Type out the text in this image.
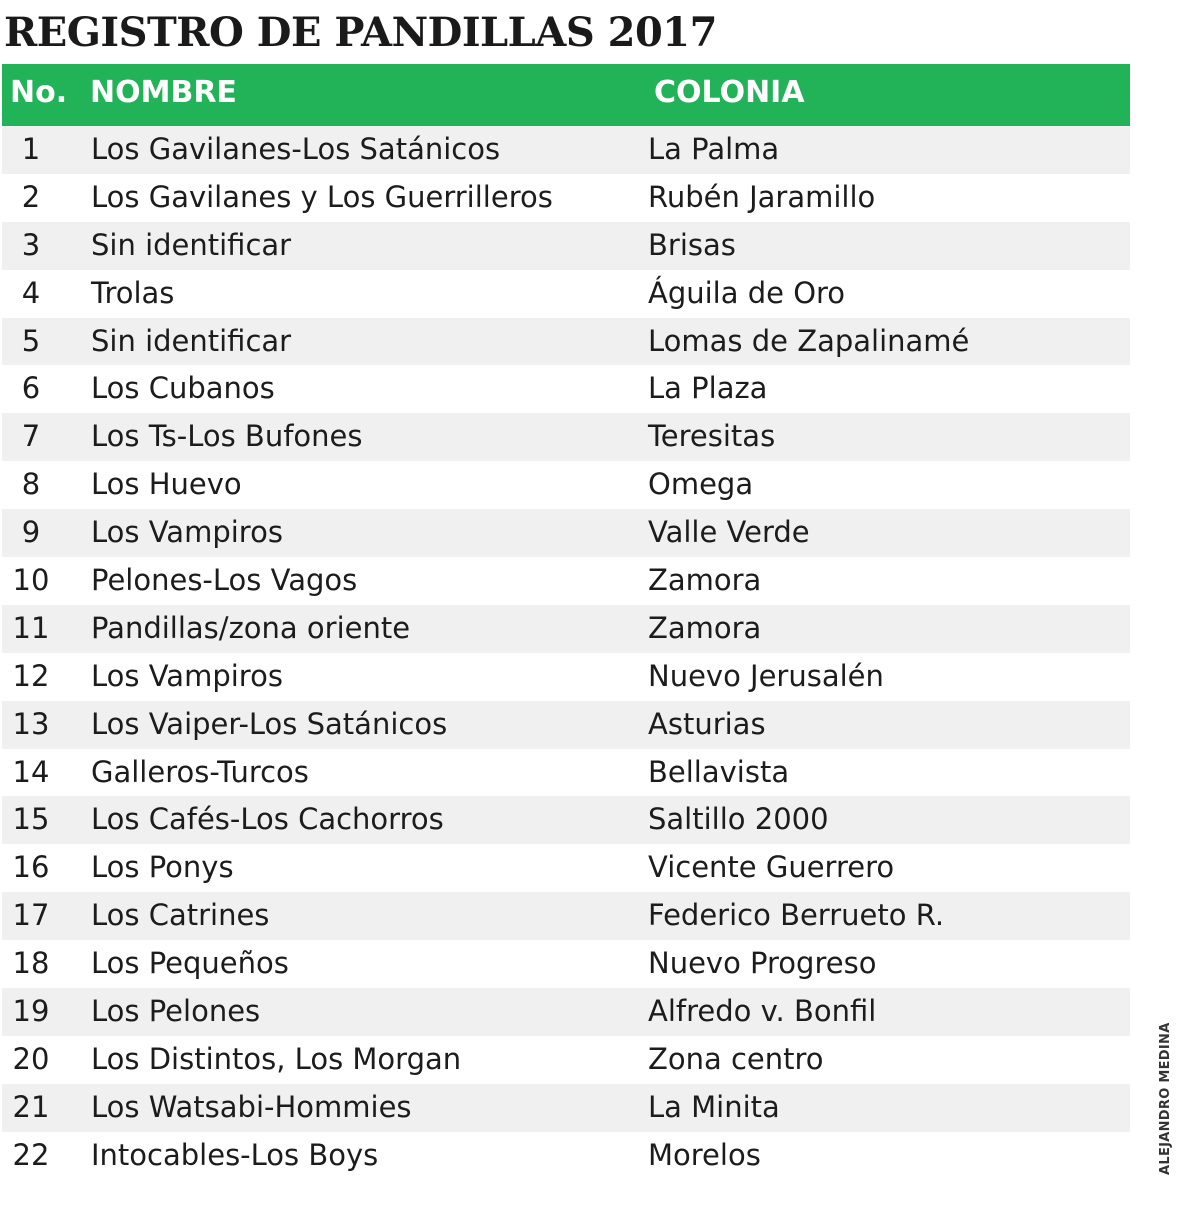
REGISTRO DE PANDILLAS 2017
No. NOMBRE	COLONIA
1	Los Gavilanes-Los Satánicos	La Palma
2	Los Gavilanes y Los Guerrilleros	Rubén Jaramillo
3	Sin identificar	Brisas
4	Trolas	Águila de Oro
5	Sin identificar	Lomas de Zapalinamé
6	Los Cubanos	La Plaza
7	Los Ts-Los Bufones	Teresitas
8	Los Huevo	Omega
9	Los Vampiros	Valle Verde
10	Pelones-Los Vagos	Zamora
11	Pandillas/zona oriente	Zamora
12	Los Vampiros	Nuevo Jerusalén
13	Los Vaiper-Los Satánicos	Asturias
14	Galleros-Turcos	Bellavista
15	Los Cafés-Los Cachorros	Saltillo 2000
16	Los Ponys	Vicente Guerrero
17	Los Catrines	Federico Berrueto R.
18	Los Pequeños	Nuevo Progreso
19	Los Pelones	Alfredo v. Bonfil
20	Los Distintos, Los Morgan	Zona centro
21	Los Watsabi-Hommies	La Minita
22	Intocables-Los Boys	Morelos	ALEJANDRO MEDINA
